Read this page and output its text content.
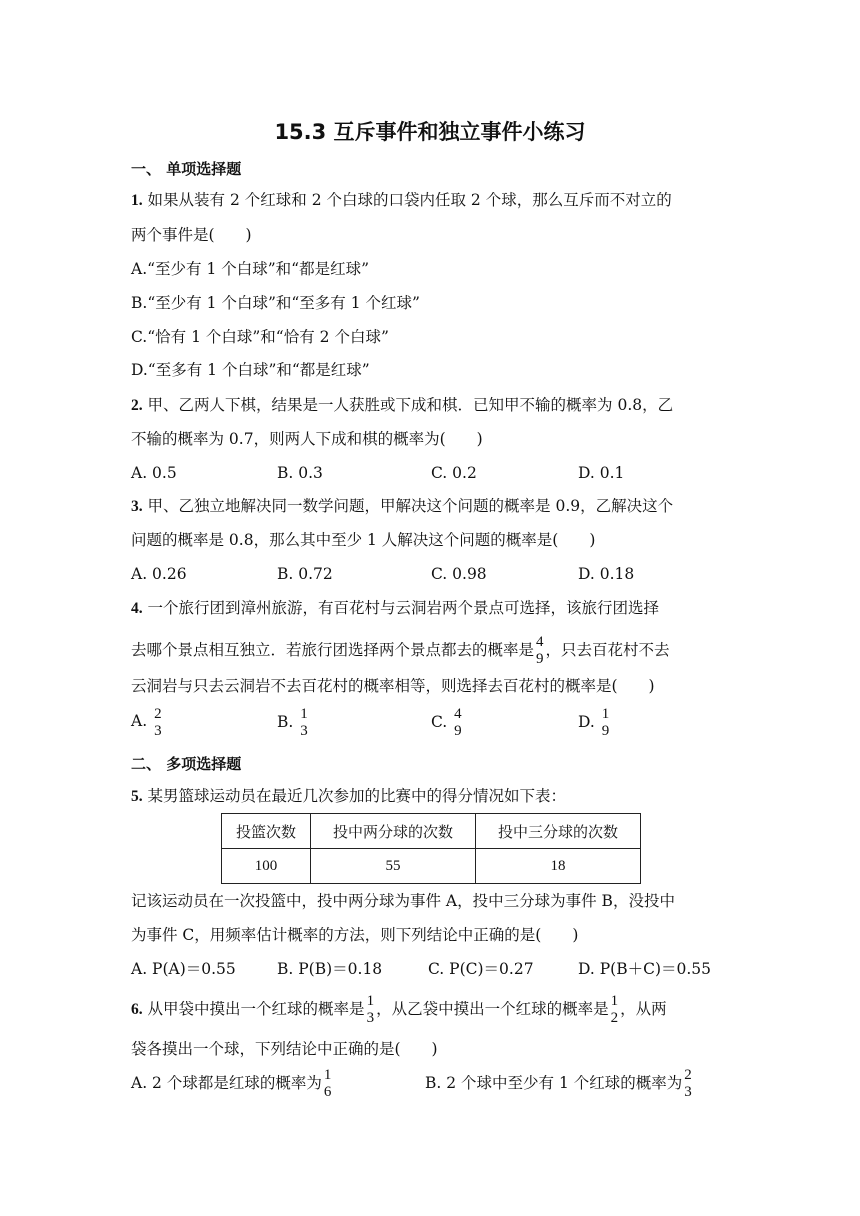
15.3 互斥事件和独立事件小练习
一、 单项选择题
1. 如果从装有 2 个红球和 2 个白球的口袋内任取 2 个球，那么互斥而不对立的
两个事件是(　　)
A.“至少有 1 个白球”和“都是红球”
B.“至少有 1 个白球”和“至多有 1 个红球”
C.“恰有 1 个白球”和“恰有 2 个白球”
D.“至多有 1 个白球”和“都是红球”
2. 甲、乙两人下棋，结果是一人获胜或下成和棋．已知甲不输的概率为 0.8，乙
不输的概率为 0.7，则两人下成和棋的概率为(　　)
A. 0.5	B. 0.3	C. 0.2	D. 0.1
3. 甲、乙独立地解决同一数学问题，甲解决这个问题的概率是 0.9，乙解决这个
问题的概率是 0.8，那么其中至少 1 人解决这个问题的概率是(　　)
A. 0.26	B. 0.72	C. 0.98	D. 0.18
4. 一个旅行团到漳州旅游，有百花村与云洞岩两个景点可选择，该旅行团选择
去哪个景点相互独立．若旅行团选择两个景点都去的概率是 4
9 ，只去百花村不去
云洞岩与只去云洞岩不去百花村的概率相等，则选择去百花村的概率是(　　)
A. 2
3	B. 1
3	C. 4
9	D. 1
9
二、 多项选择题
5. 某男篮球运动员在最近几次参加的比赛中的得分情况如下表：
投篮次数	投中两分球的次数	投中三分球的次数
100	55	18
记该运动员在一次投篮中，投中两分球为事件 A，投中三分球为事件 B，没投中
为事件 C，用频率估计概率的方法，则下列结论中正确的是(　　)
A. P(A)＝0.55	B. P(B)＝0.18	C. P(C)＝0.27	D. P(B＋C)＝0.55
6. 从甲袋中摸出一个红球的概率是 1
3 ，从乙袋中摸出一个红球的概率是 1
2 ，从两
袋各摸出一个球，下列结论中正确的是(　　)
A. 2 个球都是红球的概率为 1
6	B. 2 个球中至少有 1 个红球的概率为 2
3
